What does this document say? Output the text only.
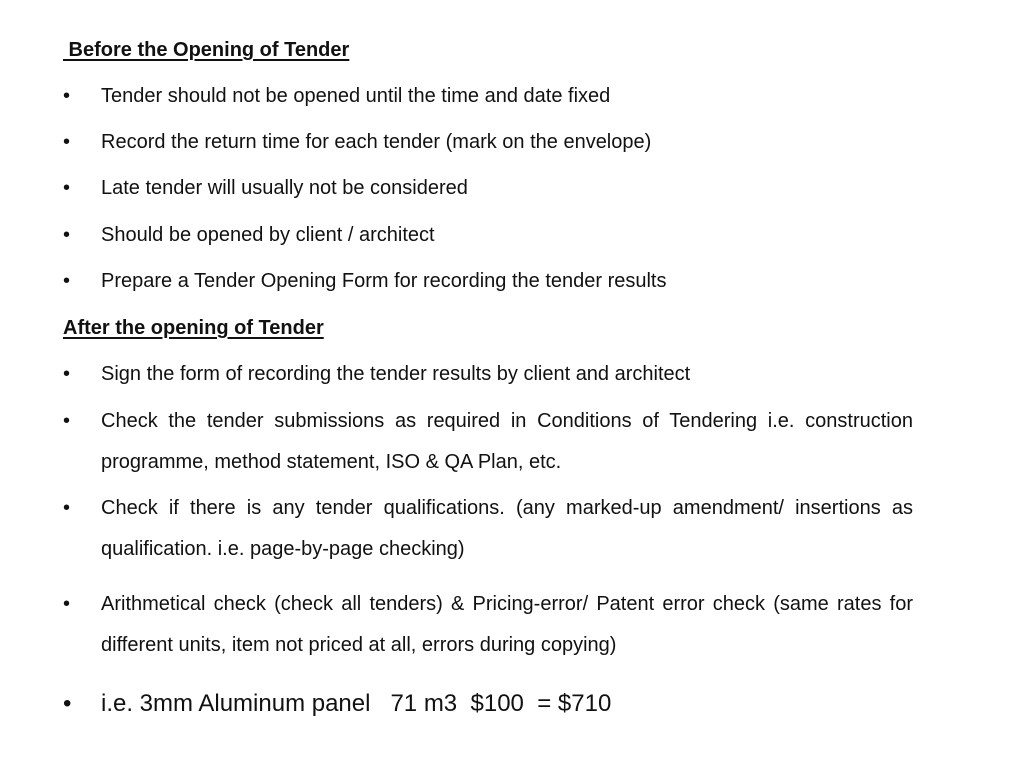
Before the Opening of Tender
•	Tender should not be opened until the time and date fixed
•	Record the return time for each tender (mark on the envelope)
•	Late tender will usually not be considered
•	Should be opened by client / architect
•	Prepare a Tender Opening Form for recording the tender results
After the opening of Tender
•	Sign the form of recording the tender results by client and architect
•	Check the tender submissions as required in Conditions of Tendering i.e. construction programme, method statement, ISO & QA Plan, etc.
•	Check if there is any tender qualifications. (any marked-up amendment/ insertions as qualification. i.e. page-by-page checking)
•	Arithmetical check (check all tenders) & Pricing-error/ Patent error check (same rates for different units, item not priced at all, errors during copying)
•	i.e. 3mm Aluminum panel   71 m3  $100  = $710
